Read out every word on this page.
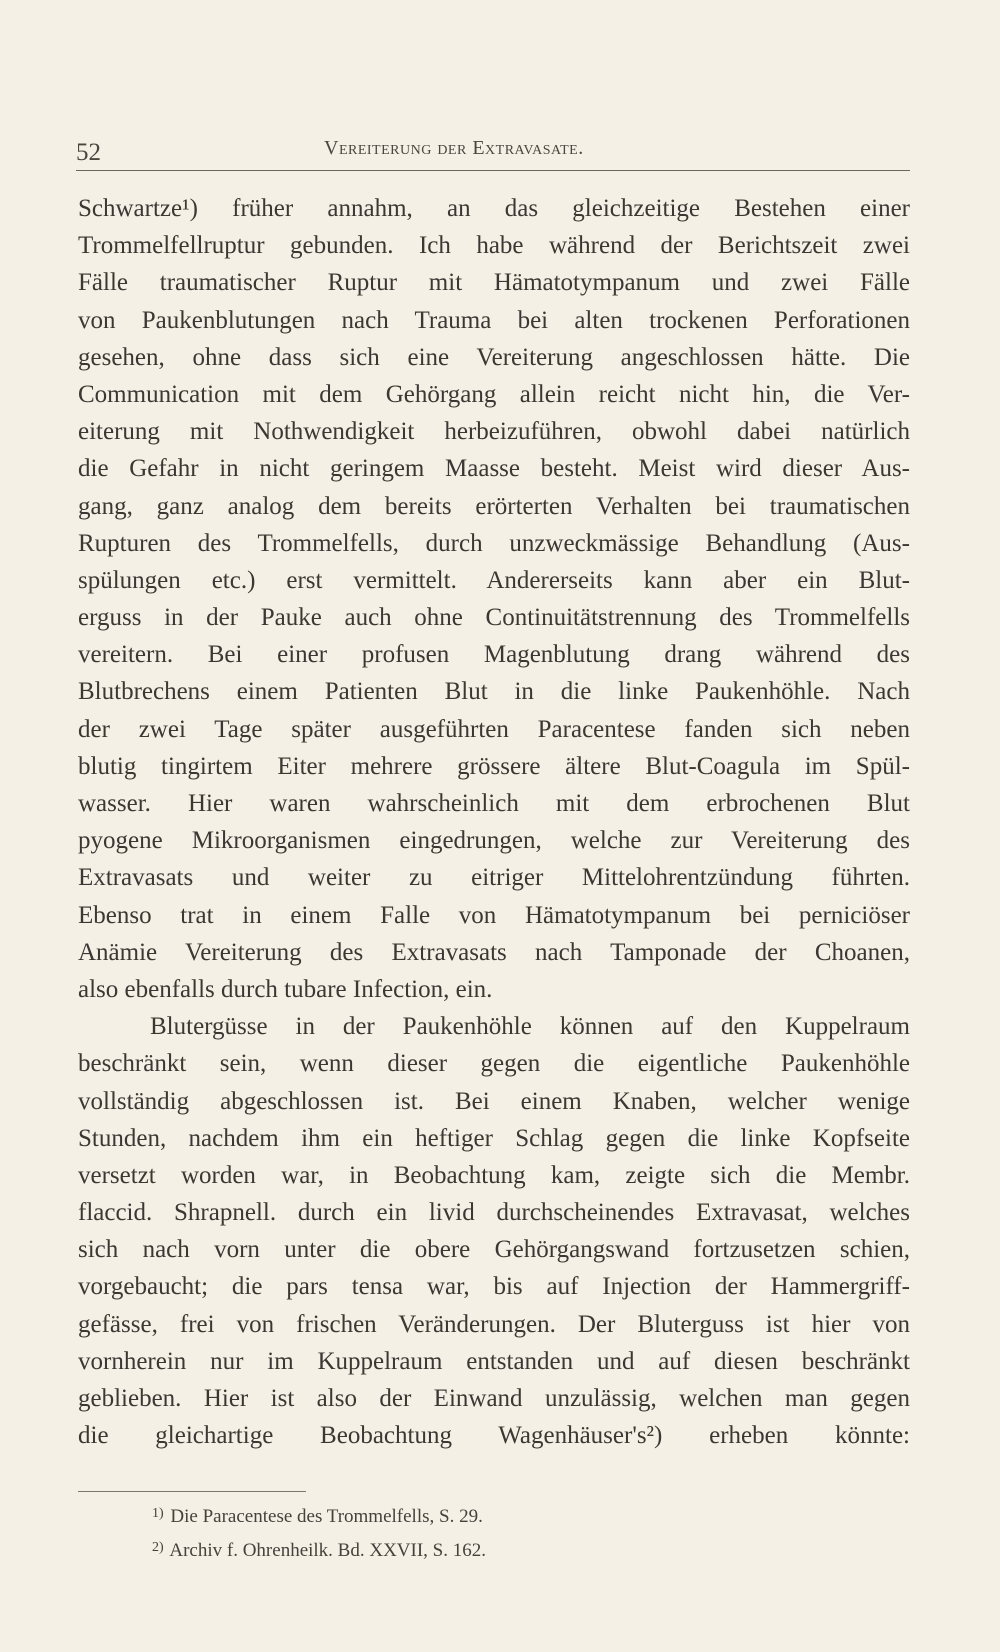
52	Vereiterung der Extravasate.
Schwartze¹) früher annahm, an das gleichzeitige Bestehen einer
Trommelfellruptur gebunden. Ich habe während der Berichtszeit zwei
Fälle traumatischer Ruptur mit Hämatotympanum und zwei Fälle
von Paukenblutungen nach Trauma bei alten trockenen Perforationen
gesehen, ohne dass sich eine Vereiterung angeschlossen hätte. Die
Communication mit dem Gehörgang allein reicht nicht hin, die Ver-
eiterung mit Nothwendigkeit herbeizuführen, obwohl dabei natürlich
die Gefahr in nicht geringem Maasse besteht. Meist wird dieser Aus-
gang, ganz analog dem bereits erörterten Verhalten bei traumatischen
Rupturen des Trommelfells, durch unzweckmässige Behandlung (Aus-
spülungen etc.) erst vermittelt. Andererseits kann aber ein Blut-
erguss in der Pauke auch ohne Continuitätstrennung des Trommelfells
vereitern. Bei einer profusen Magenblutung drang während des
Blutbrechens einem Patienten Blut in die linke Paukenhöhle. Nach
der zwei Tage später ausgeführten Paracentese fanden sich neben
blutig tingirtem Eiter mehrere grössere ältere Blut-Coagula im Spül-
wasser. Hier waren wahrscheinlich mit dem erbrochenen Blut
pyogene Mikroorganismen eingedrungen, welche zur Vereiterung des
Extravasats und weiter zu eitriger Mittelohrentzündung führten.
Ebenso trat in einem Falle von Hämatotympanum bei perniciöser
Anämie Vereiterung des Extravasats nach Tamponade der Choanen,
also ebenfalls durch tubare Infection, ein.
Blutergüsse in der Paukenhöhle können auf den Kuppelraum
beschränkt sein, wenn dieser gegen die eigentliche Paukenhöhle
vollständig abgeschlossen ist. Bei einem Knaben, welcher wenige
Stunden, nachdem ihm ein heftiger Schlag gegen die linke Kopfseite
versetzt worden war, in Beobachtung kam, zeigte sich die Membr.
flaccid. Shrapnell. durch ein livid durchscheinendes Extravasat, welches
sich nach vorn unter die obere Gehörgangswand fortzusetzen schien,
vorgebaucht; die pars tensa war, bis auf Injection der Hammergriff-
gefässe, frei von frischen Veränderungen. Der Bluterguss ist hier von
vornherein nur im Kuppelraum entstanden und auf diesen beschränkt
geblieben. Hier ist also der Einwand unzulässig, welchen man gegen
die gleichartige Beobachtung Wagenhäuser's²) erheben könnte:
$^{1)}$ Die Paracentese des Trommelfells, S. 29.
$^{2)}$ Archiv f. Ohrenheilk. Bd. XXVII, S. 162.
